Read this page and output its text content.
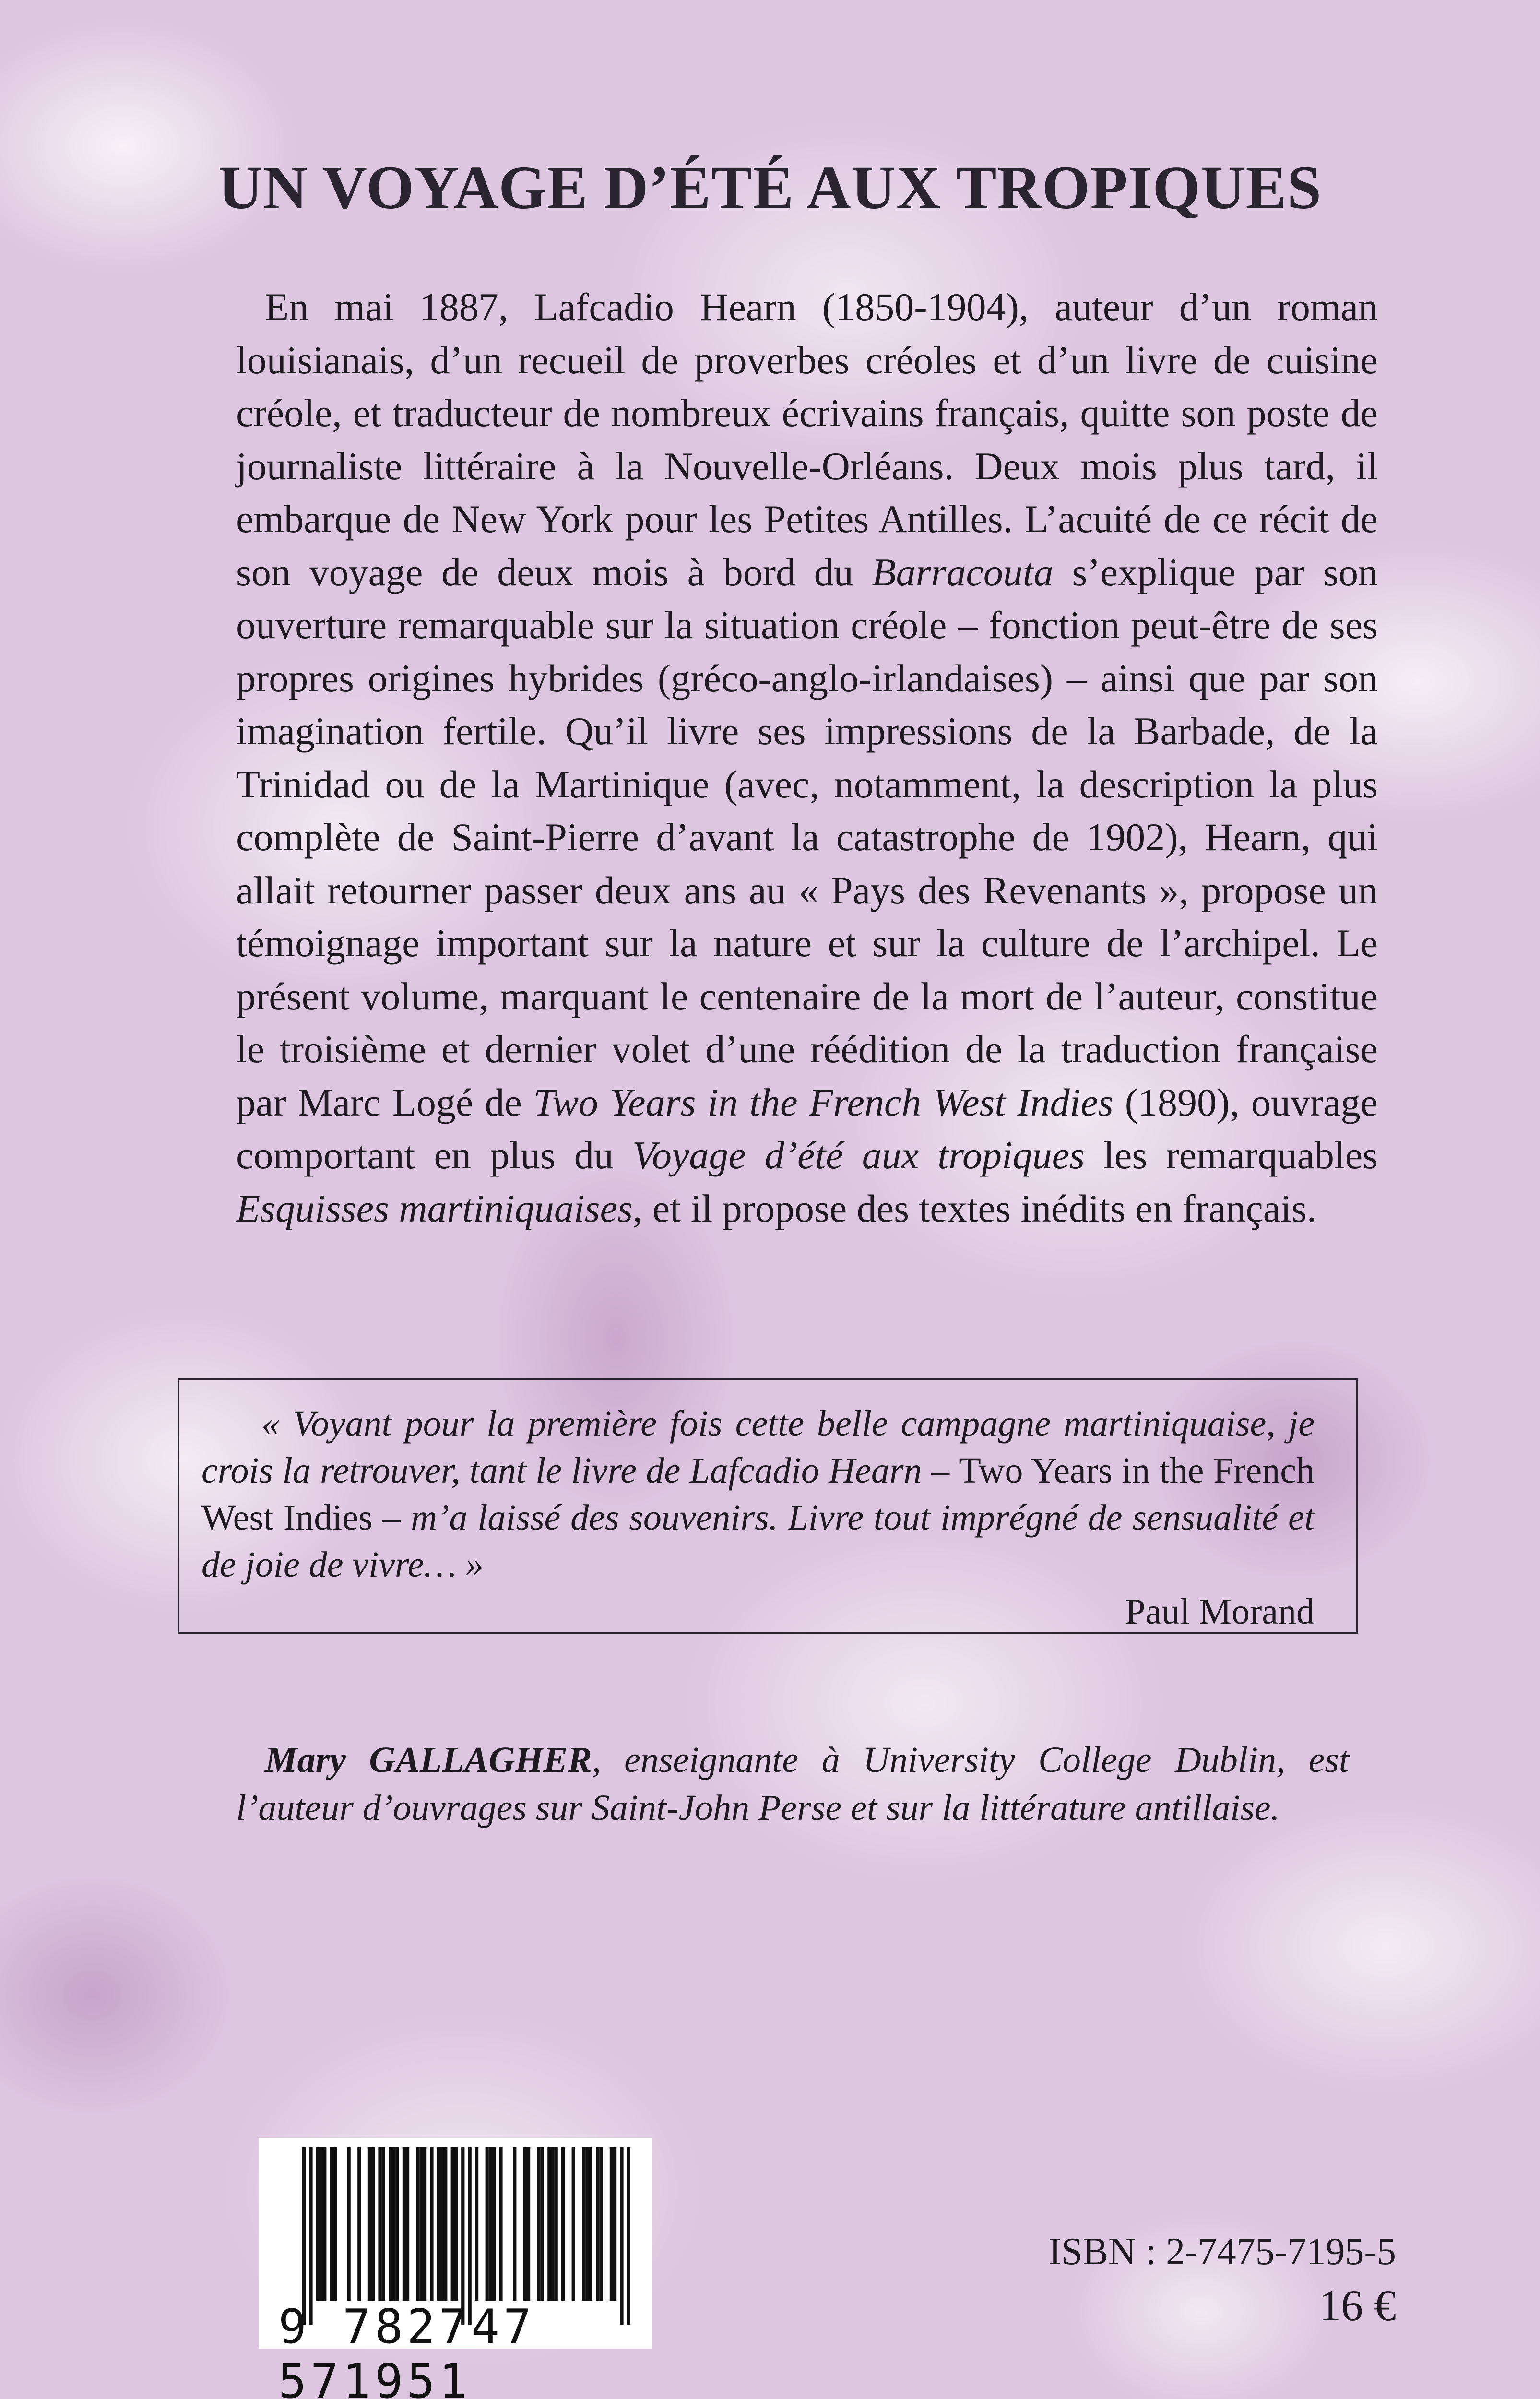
UN VOYAGE D’ÉTÉ AUX TROPIQUES

En mai 1887, Lafcadio Hearn (1850-1904), auteur d’un roman louisianais, d’un recueil de proverbes créoles et d’un livre de cuisine créole, et traducteur de nombreux écrivains français, quitte son poste de journaliste littéraire à la Nouvelle-Orléans. Deux mois plus tard, il embarque de New York pour les Petites Antilles. L’acuité de ce récit de son voyage de deux mois à bord du Barracouta s’explique par son ouverture remarquable sur la situation créole – fonction peut-être de ses propres origines hybrides (gréco-anglo-irlandaises) – ainsi que par son imagination fertile. Qu’il livre ses impressions de la Barbade, de la Trinidad ou de la Martinique (avec, notamment, la description la plus complète de Saint-Pierre d’avant la catastrophe de 1902), Hearn, qui allait retourner passer deux ans au « Pays des Revenants », propose un témoignage important sur la nature et sur la culture de l’archipel. Le présent volume, marquant le centenaire de la mort de l’auteur, constitue le troisième et dernier volet d’une réédition de la traduction française par Marc Logé de Two Years in the French West Indies (1890), ouvrage comportant en plus du Voyage d’été aux tropiques les remarquables Esquisses martiniquaises, et il propose des textes inédits en français.

« Voyant pour la première fois cette belle campagne martiniquaise, je crois la retrouver, tant le livre de Lafcadio Hearn – Two Years in the French West Indies – m’a laissé des souvenirs. Livre tout imprégné de sensualité et de joie de vivre… »

Paul Morand

Mary GALLAGHER, enseignante à University College Dublin, est l’auteur d’ouvrages sur Saint-John Perse et sur la littérature antillaise.

9 782747 571951
ISBN : 2-7475-7195-5
16 €
